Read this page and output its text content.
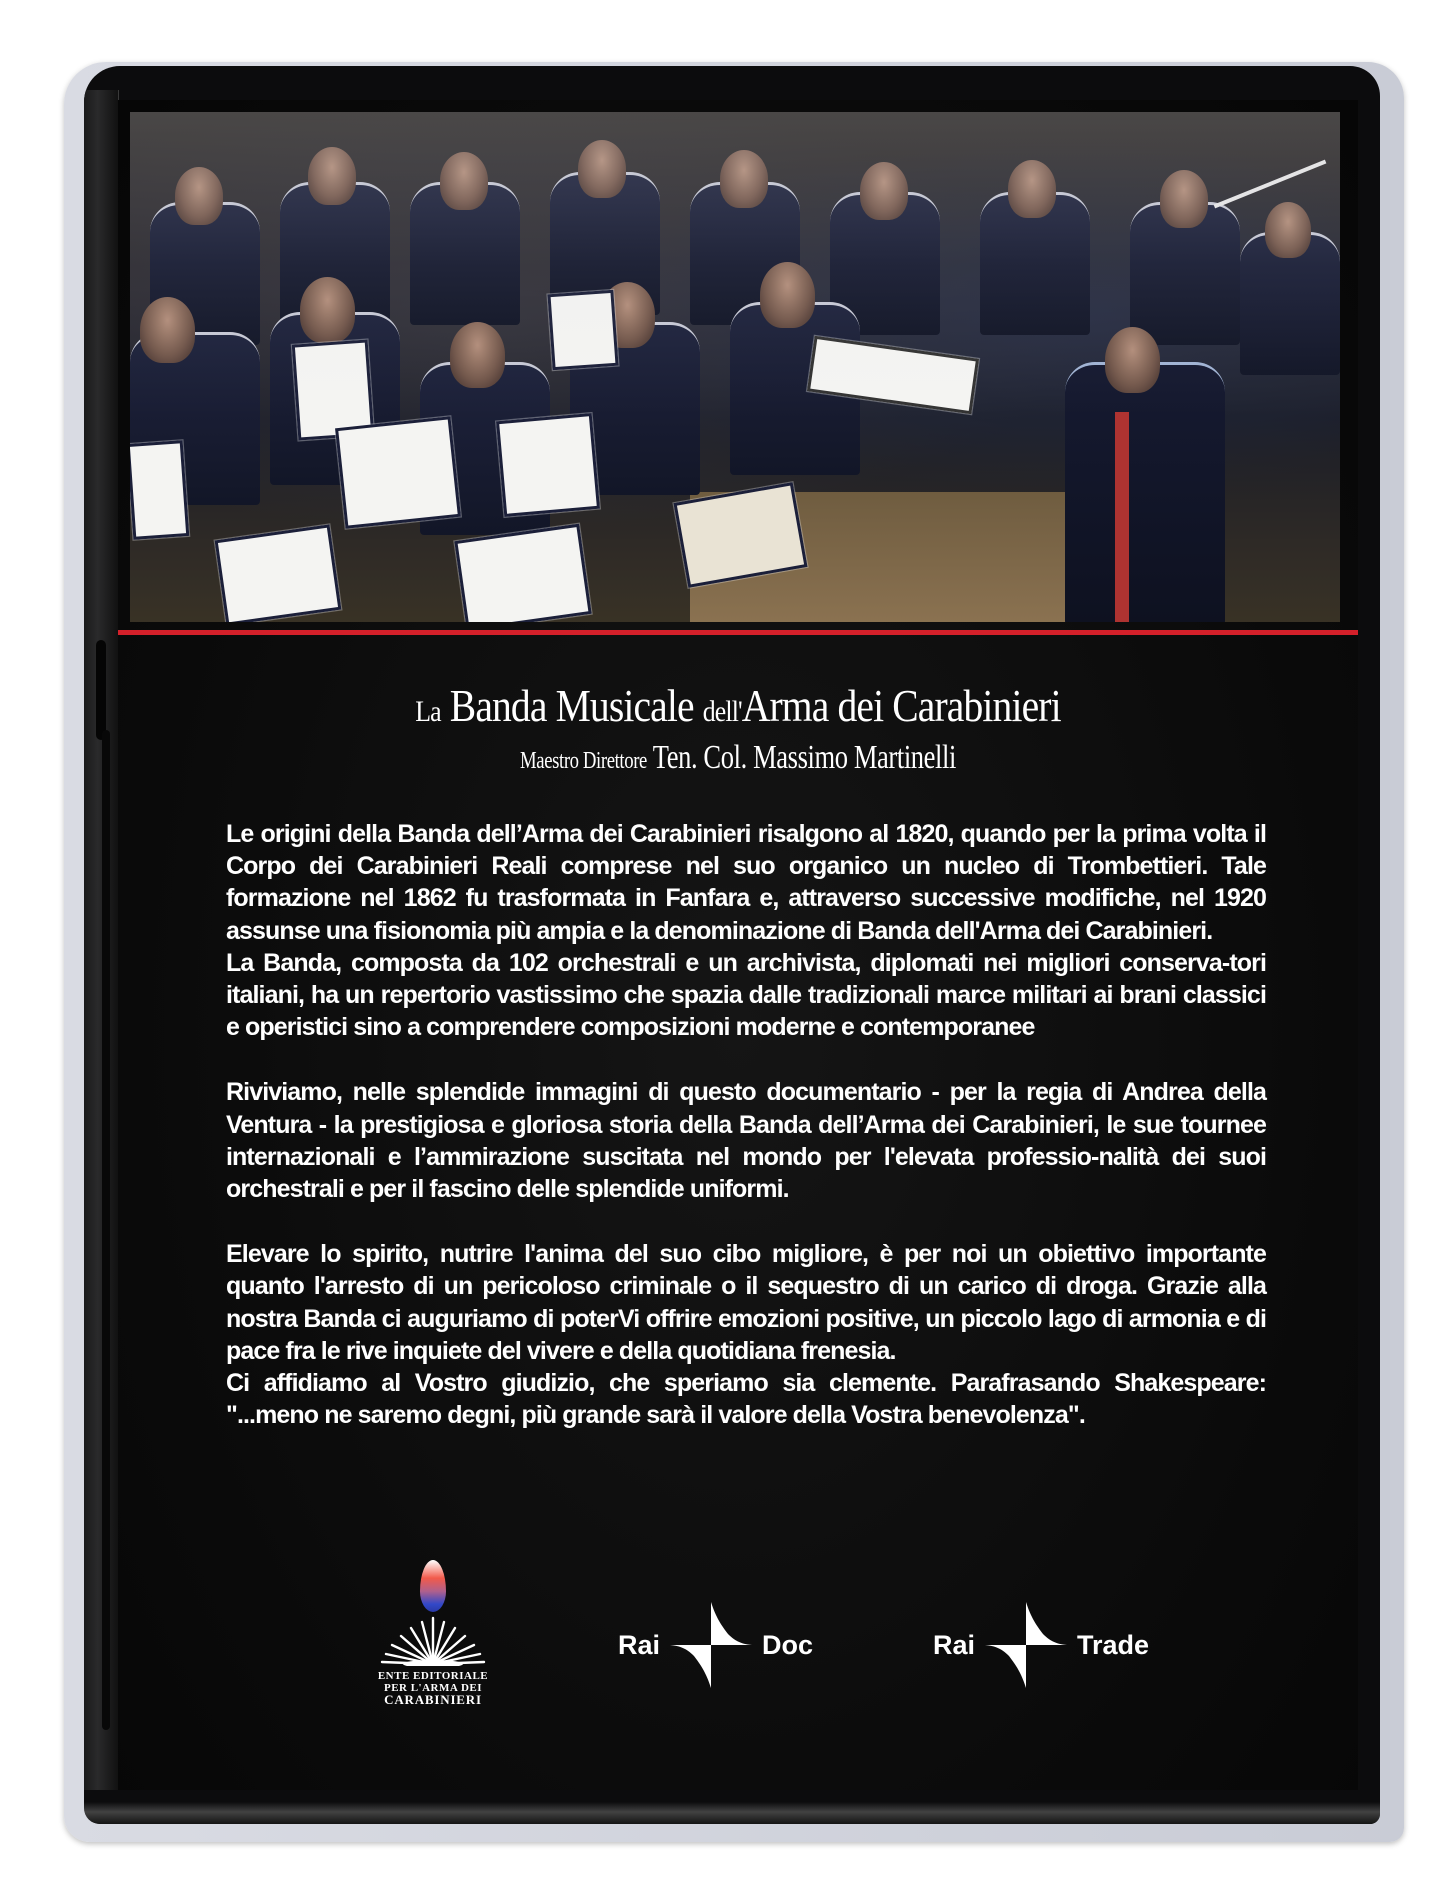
La Banda Musicale dell'Arma dei Carabinieri
Maestro Direttore Ten. Col. Massimo Martinelli

Le origini della Banda dell’Arma dei Carabinieri risalgono al 1820, quando per la prima volta il Corpo dei Carabinieri Reali comprese nel suo organico un nucleo di Trombettieri. Tale formazione nel 1862 fu trasformata in Fanfara e, attraverso successive modifiche, nel 1920 assunse una fisionomia più ampia e la denominazione di Banda dell'Arma dei Carabinieri.

La Banda, composta da 102 orchestrali e un archivista, diplomati nei migliori conserva-tori italiani, ha un repertorio vastissimo che spazia dalle tradizionali marce militari ai brani classici e operistici sino a comprendere composizioni moderne e contemporanee

Riviviamo, nelle splendide immagini di questo documentario - per la regia di Andrea della Ventura - la prestigiosa e gloriosa storia della Banda dell’Arma dei Carabinieri, le sue tournee internazionali e l’ammirazione suscitata nel mondo per l'elevata professio-nalità dei suoi orchestrali e per il fascino delle splendide uniformi.

Elevare lo spirito, nutrire l'anima del suo cibo migliore, è per noi un obiettivo importante quanto l'arresto di un pericoloso criminale o il sequestro di un carico di droga. Grazie alla nostra Banda ci auguriamo di poterVi offrire emozioni positive, un piccolo lago di armonia e di pace fra le rive inquiete del vivere e della quotidiana frenesia.

Ci affidiamo al Vostro giudizio, che speriamo sia clemente. Parafrasando Shakespeare: "...meno ne saremo degni, più grande sarà il valore della Vostra benevolenza".

ENTE EDITORIALE
PER L'ARMA DEI
CARABINIERI
Rai	Doc	Rai	Trade
